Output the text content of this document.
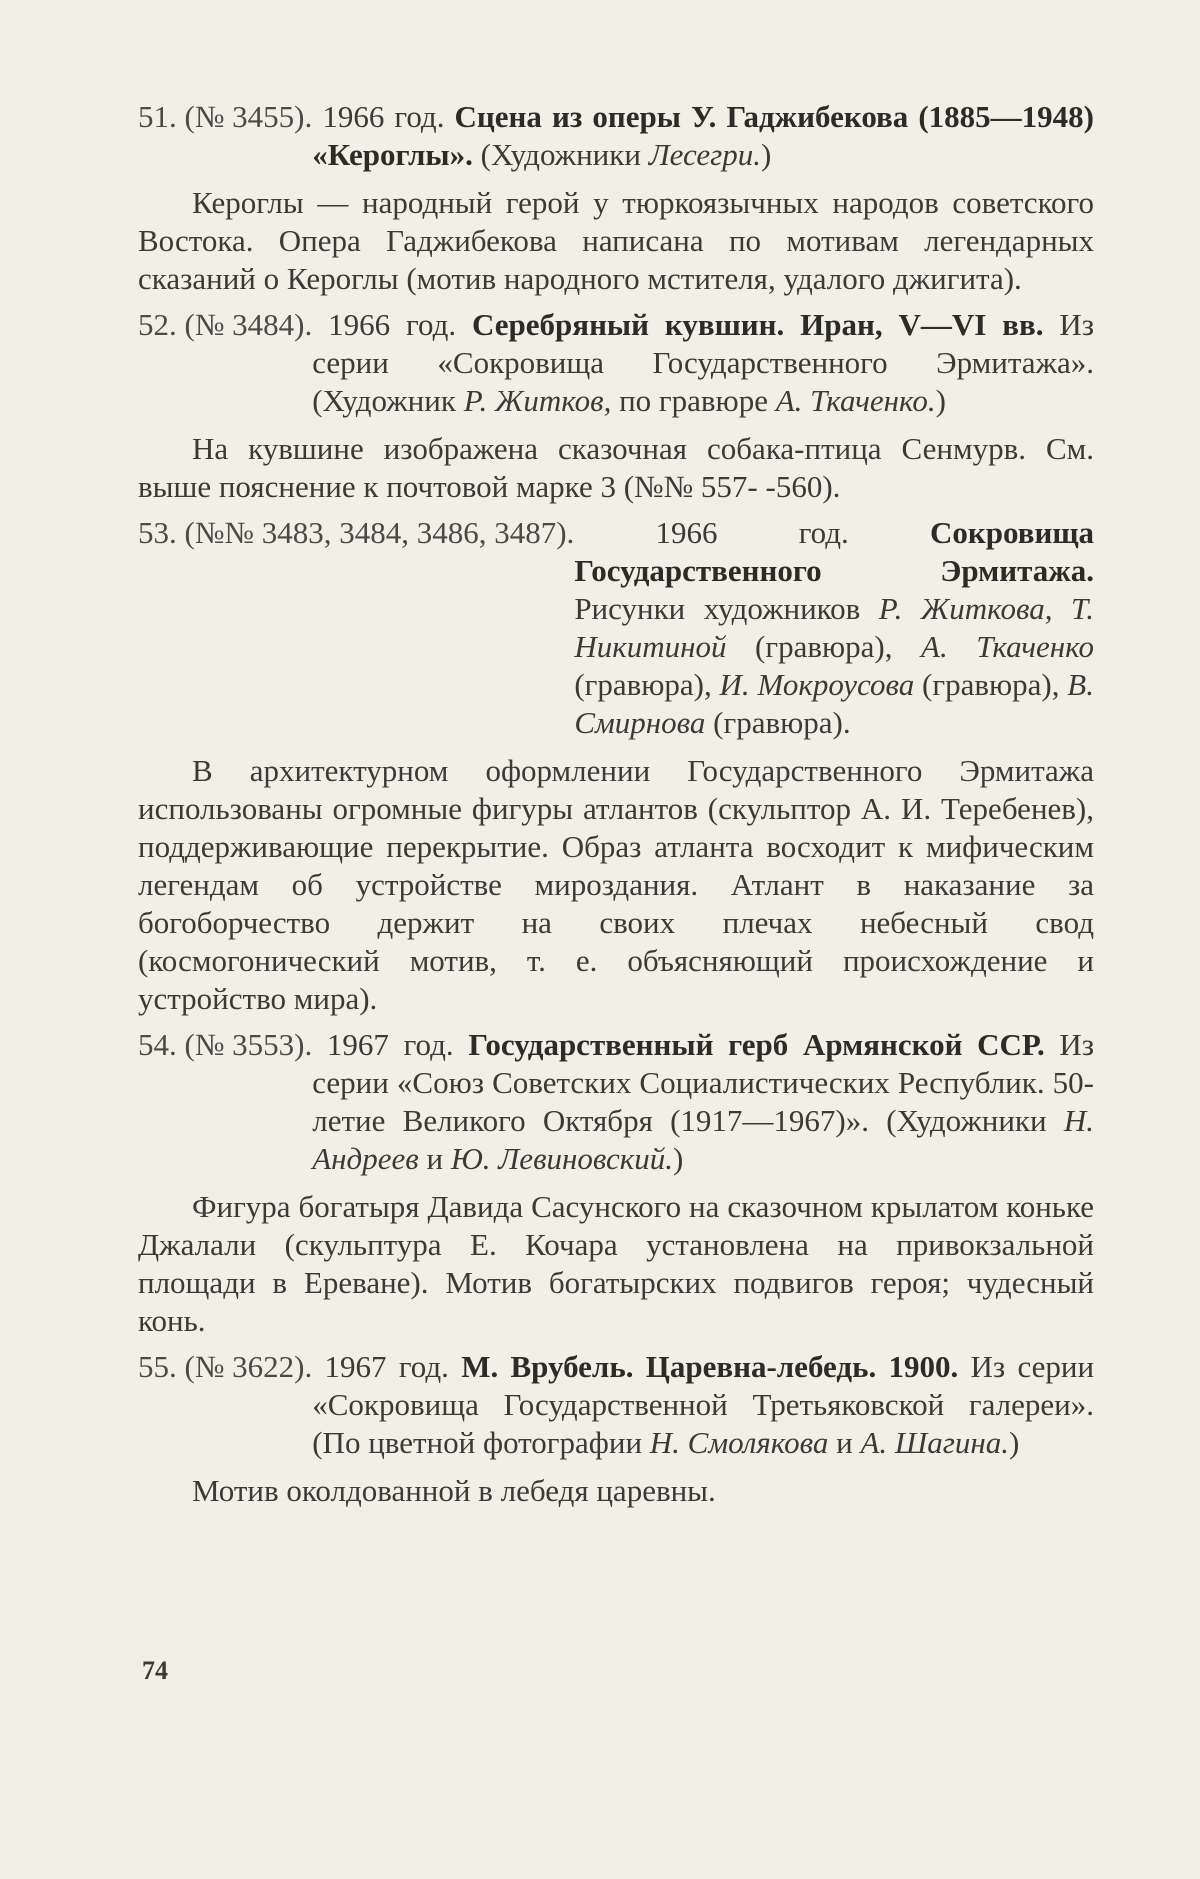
51. (№ 3455). 1966 год. Сцена из оперы У. Гаджибекова (1885—1948) «Кероглы». (Художники Лесегри.)

Кероглы — народный герой у тюркоязычных народов советского Востока. Опера Гаджибекова написана по мотивам легендарных сказаний о Кероглы (мотив народного мстителя, удалого джигита).

52. (№ 3484). 1966 год. Серебряный кувшин. Иран, V—VI вв. Из серии «Сокровища Государственного Эрмитажа». (Художник Р. Житков, по гравюре А. Ткаченко.)

На кувшине изображена сказочная собака-птица Сенмурв. См. выше пояснение к почтовой марке 3 (№№ 557- -560).

53. (№№ 3483, 3484, 3486, 3487).	1966 год.	Сокровища Государственного Эрмитажа. Рисунки художников Р. Житкова, Т. Никитиной (гравюра), А. Ткаченко (гравюра), И. Мокроусова (гравюра), В. Смирнова (гравюра).

В архитектурном оформлении Государственного Эрмитажа использованы огромные фигуры атлантов (скульптор А. И. Теребенев), поддерживающие перекрытие. Образ атланта восходит к мифическим легендам об устройстве мироздания. Атлант в наказание за богоборчество держит на своих плечах небесный свод (космогонический мотив, т. е. объясняющий происхождение и устройство мира).

54. (№ 3553). 1967 год. Государственный герб Армянской ССР. Из серии «Союз Советских Социалистических Республик. 50-летие Великого Октября (1917—1967)». (Художники Н. Андреев и Ю. Левиновский.)

Фигура богатыря Давида Сасунского на сказочном крылатом коньке Джалали (скульптура Е. Кочара установлена на привокзальной площади в Ереване). Мотив богатырских подвигов героя; чудесный конь.

55. (№ 3622). 1967 год. М. Врубель. Царевна-лебедь. 1900. Из серии «Сокровища Государственной Третьяковской галереи». (По цветной фотографии Н. Смолякова и А. Шагина.)

Мотив околдованной в лебедя царевны.

74
